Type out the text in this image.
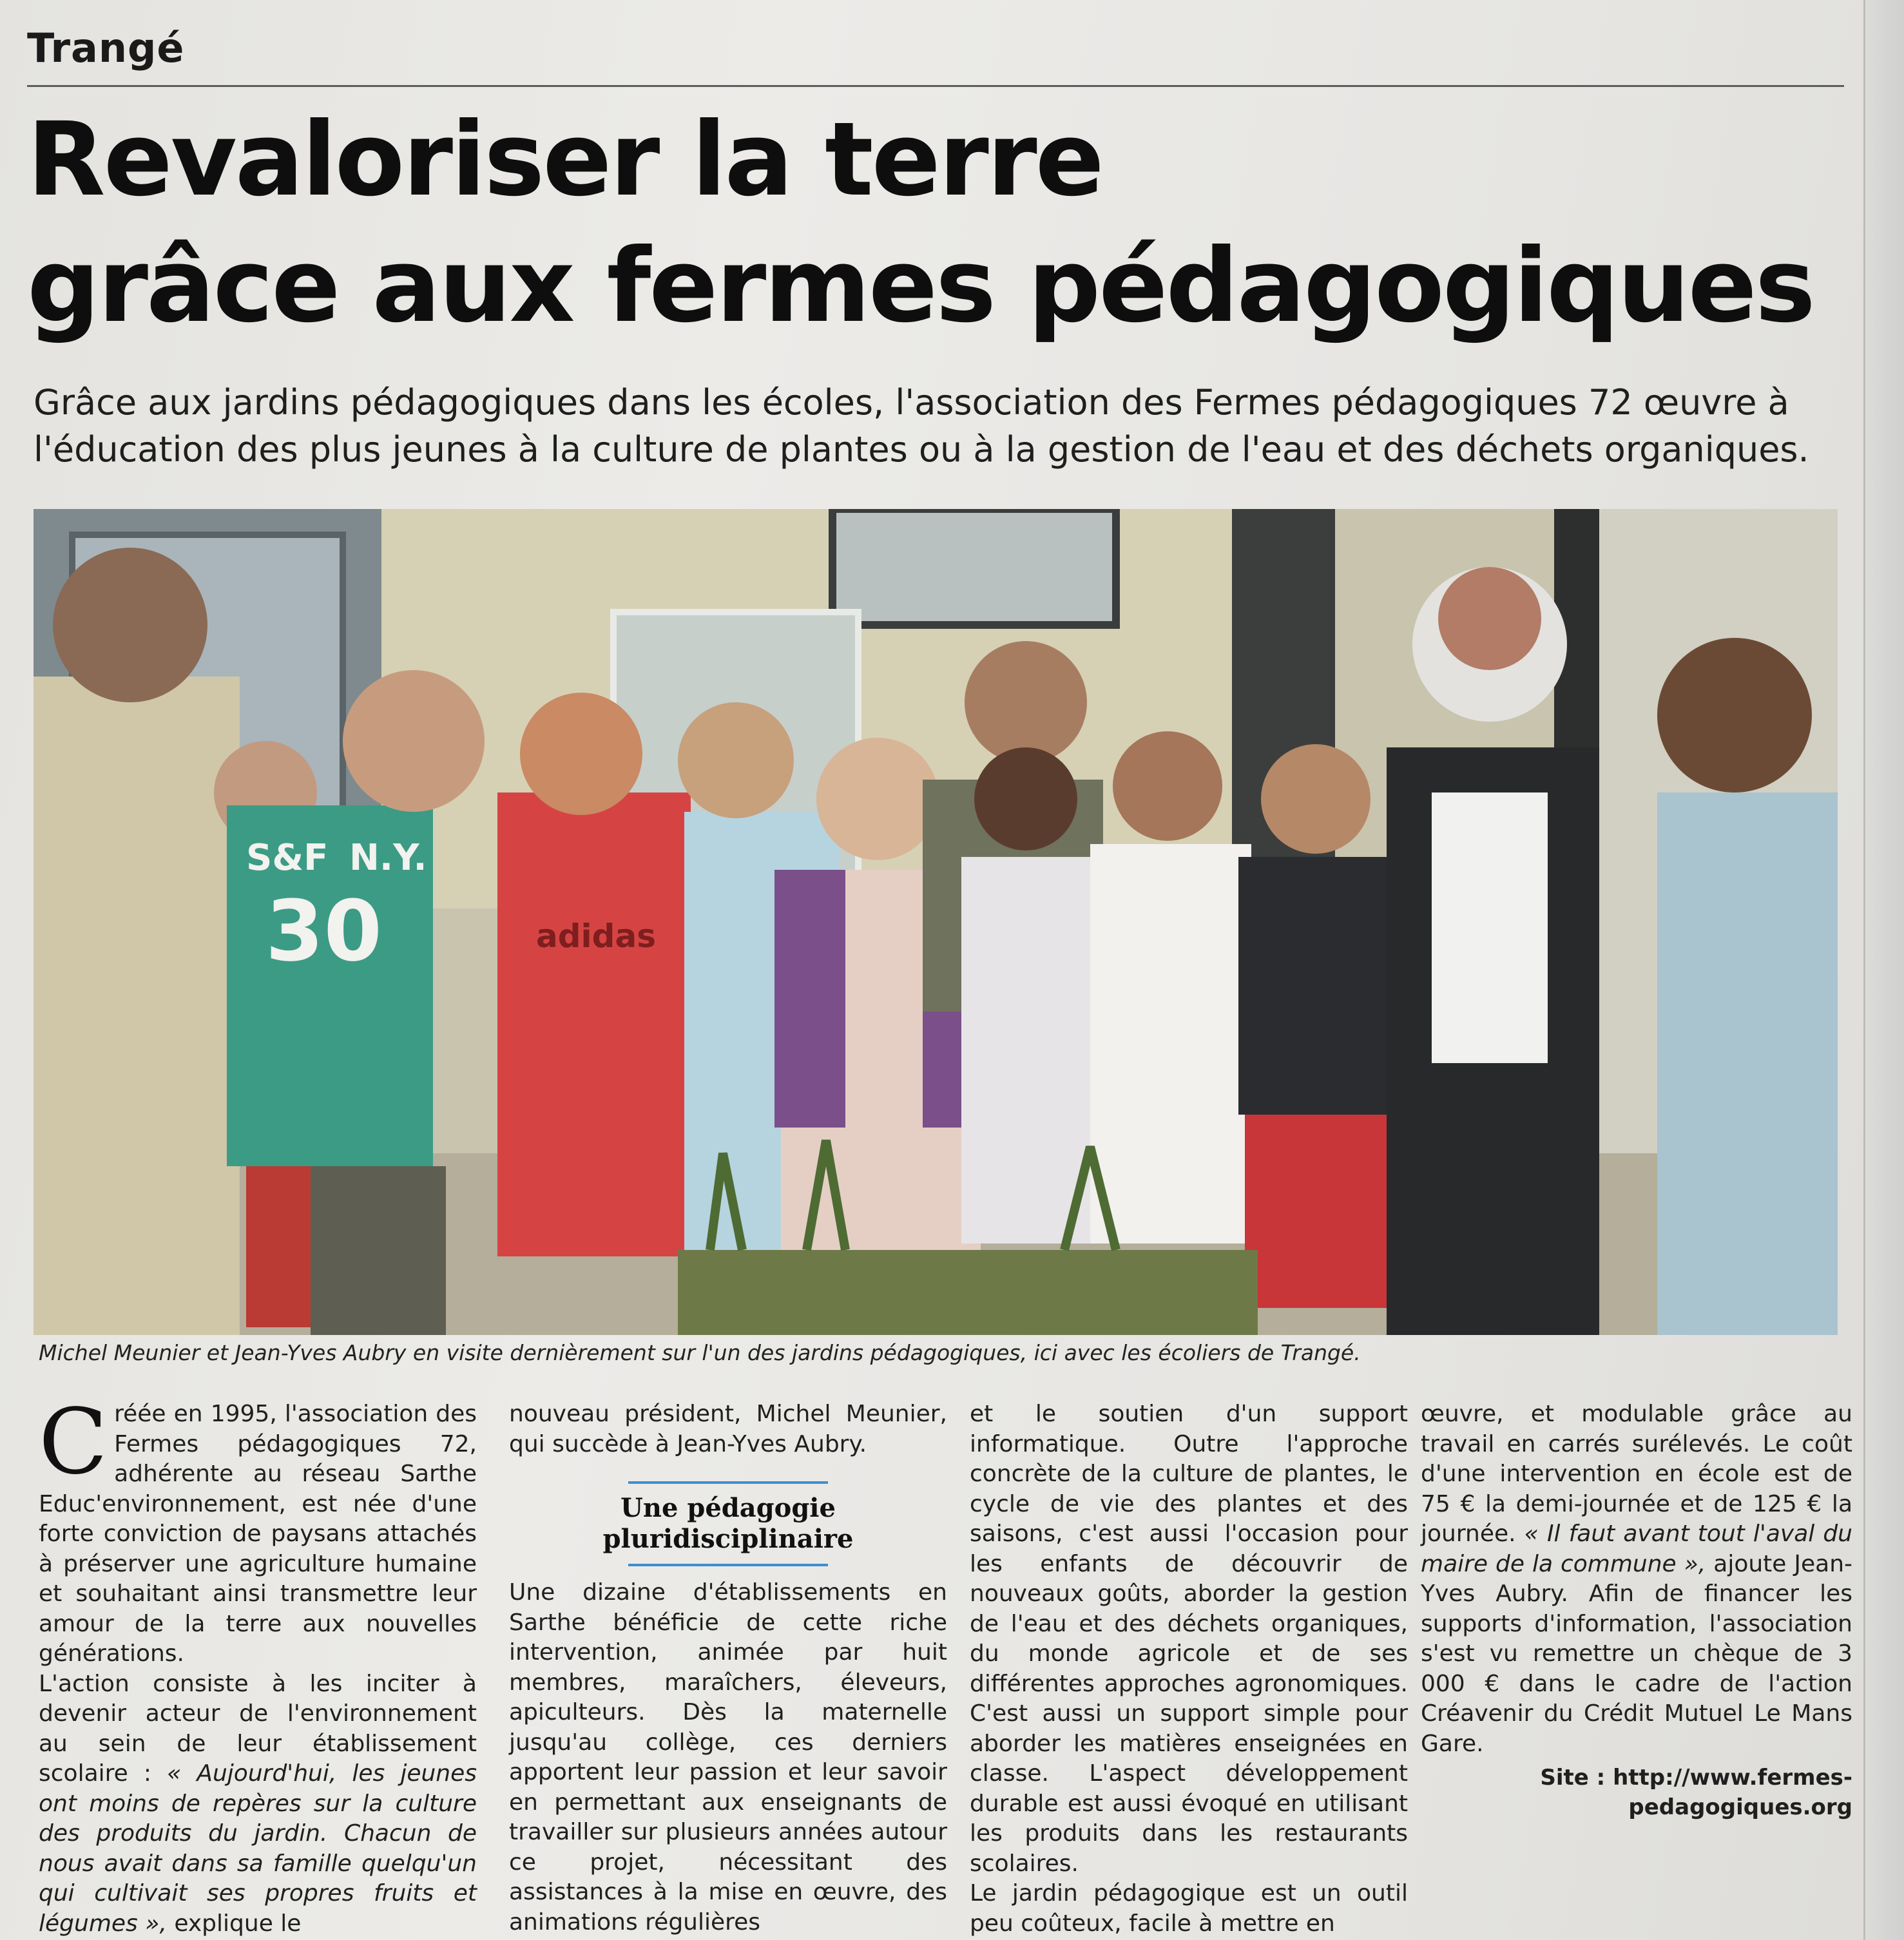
Trangé
Revaloriser la terre
grâce aux fermes pédagogiques
Grâce aux jardins pédagogiques dans les écoles, l'association des Fermes pédagogiques 72 œuvre à l'éducation des plus jeunes à la culture de plantes ou à la gestion de l'eau et des déchets organiques.
S&F N.Y.
30	adidas
Michel Meunier et Jean-Yves Aubry en visite dernièrement sur l'un des jardins pédagogiques, ici avec les écoliers de Trangé.

Créée en 1995, l'association des Fermes pédagogiques 72, adhérente au réseau Sarthe Educ'environnement, est née d'une forte conviction de paysans attachés à préserver une agriculture humaine et souhaitant ainsi transmettre leur amour de la terre aux nouvelles générations.

L'action consiste à les inciter à devenir acteur de l'environnement au sein de leur établissement scolaire : « Aujourd'hui, les jeunes ont moins de repères sur la culture des produits du jardin. Chacun de nous avait dans sa famille quelqu'un qui cultivait ses propres fruits et légumes », explique le

nouveau président, Michel Meunier, qui succède à Jean-Yves Aubry.

Une pédagogie
pluridisciplinaire

Une dizaine d'établissements en Sarthe bénéficie de cette riche intervention, animée par huit membres, maraîchers, éleveurs, apiculteurs. Dès la maternelle jusqu'au collège, ces derniers apportent leur passion et leur savoir en permettant aux enseignants de travailler sur plusieurs années autour ce projet, nécessitant des assistances à la mise en œuvre, des animations régulières

et le soutien d'un support informatique. Outre l'approche concrète de la culture de plantes, le cycle de vie des plantes et des saisons, c'est aussi l'occasion pour les enfants de découvrir de nouveaux goûts, aborder la gestion de l'eau et des déchets organiques, du monde agricole et de ses différentes approches agronomiques. C'est aussi un support simple pour aborder les matières enseignées en classe. L'aspect développement durable est aussi évoqué en utilisant les produits dans les restaurants scolaires.

Le jardin pédagogique est un outil peu coûteux, facile à mettre en

œuvre, et modulable grâce au travail en carrés surélevés. Le coût d'une intervention en école est de 75 € la demi-journée et de 125 € la journée. « Il faut avant tout l'aval du maire de la commune », ajoute Jean-Yves Aubry. Afin de financer les supports d'information, l'association s'est vu remettre un chèque de 3 000 € dans le cadre de l'action Créavenir du Crédit Mutuel Le Mans Gare.

Site : http://www.fermes-pedagogiques.org
